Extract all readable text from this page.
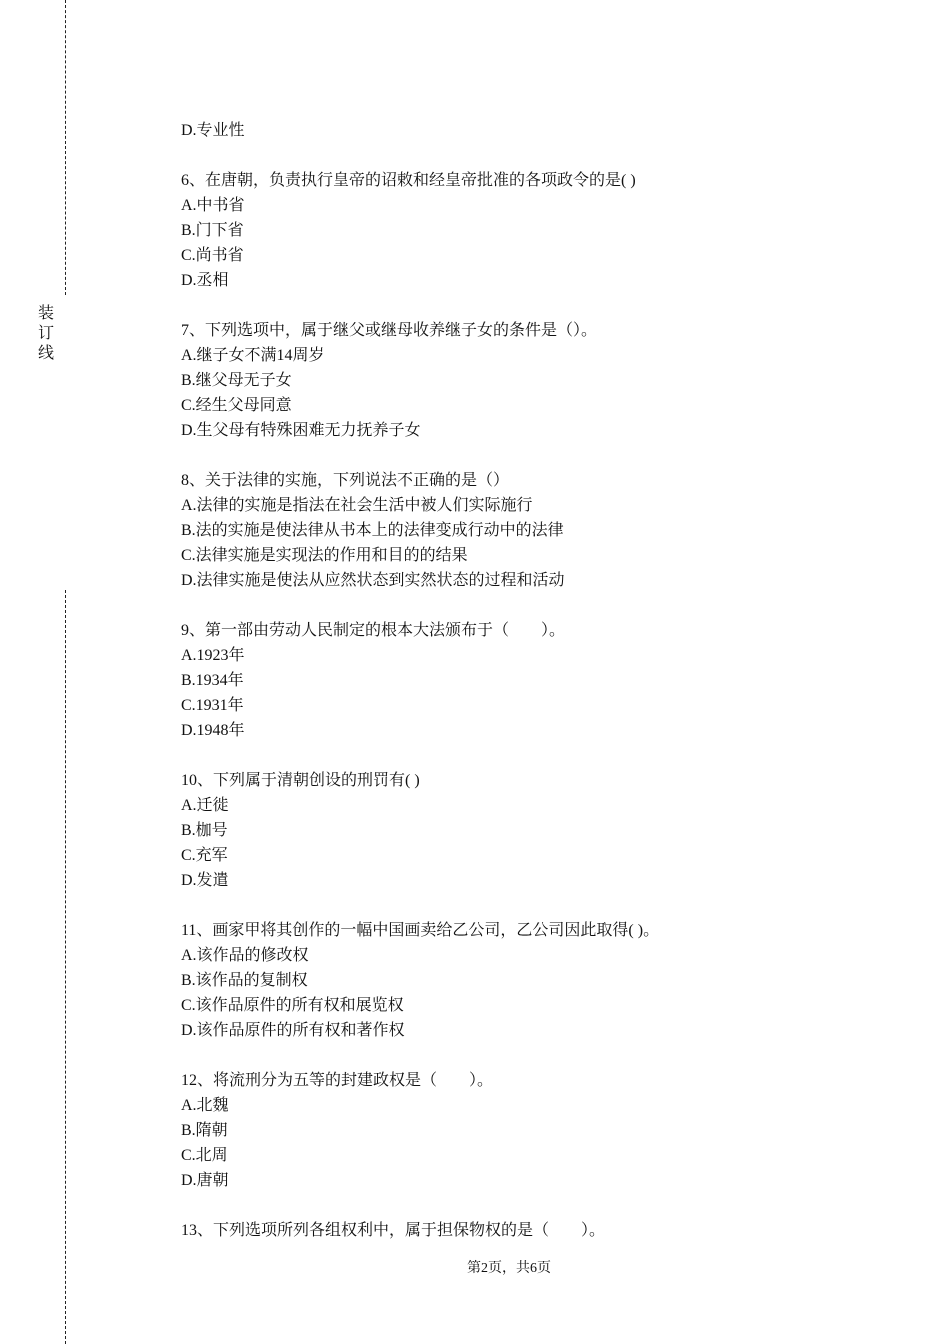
装
订
线
D.专业性
6、在唐朝，负责执行皇帝的诏敕和经皇帝批准的各项政令的是( )
A.中书省
B.门下省
C.尚书省
D.丞相
7、下列选项中，属于继父或继母收养继子女的条件是（）。
A.继子女不满14周岁
B.继父母无子女
C.经生父母同意
D.生父母有特殊困难无力抚养子女
8、关于法律的实施，下列说法不正确的是（）
A.法律的实施是指法在社会生活中被人们实际施行
B.法的实施是使法律从书本上的法律变成行动中的法律
C.法律实施是实现法的作用和目的的结果
D.法律实施是使法从应然状态到实然状态的过程和活动
9、第一部由劳动人民制定的根本大法颁布于（　　）。
A.1923年
B.1934年
C.1931年
D.1948年
10、下列属于清朝创设的刑罚有( )
A.迁徙
B.枷号
C.充军
D.发遣
11、画家甲将其创作的一幅中国画卖给乙公司，乙公司因此取得( )。
A.该作品的修改权
B.该作品的复制权
C.该作品原件的所有权和展览权
D.该作品原件的所有权和著作权
12、将流刑分为五等的封建政权是（　　）。
A.北魏
B.隋朝
C.北周
D.唐朝
13、下列选项所列各组权利中，属于担保物权的是（　　）。
第2页，共6页
